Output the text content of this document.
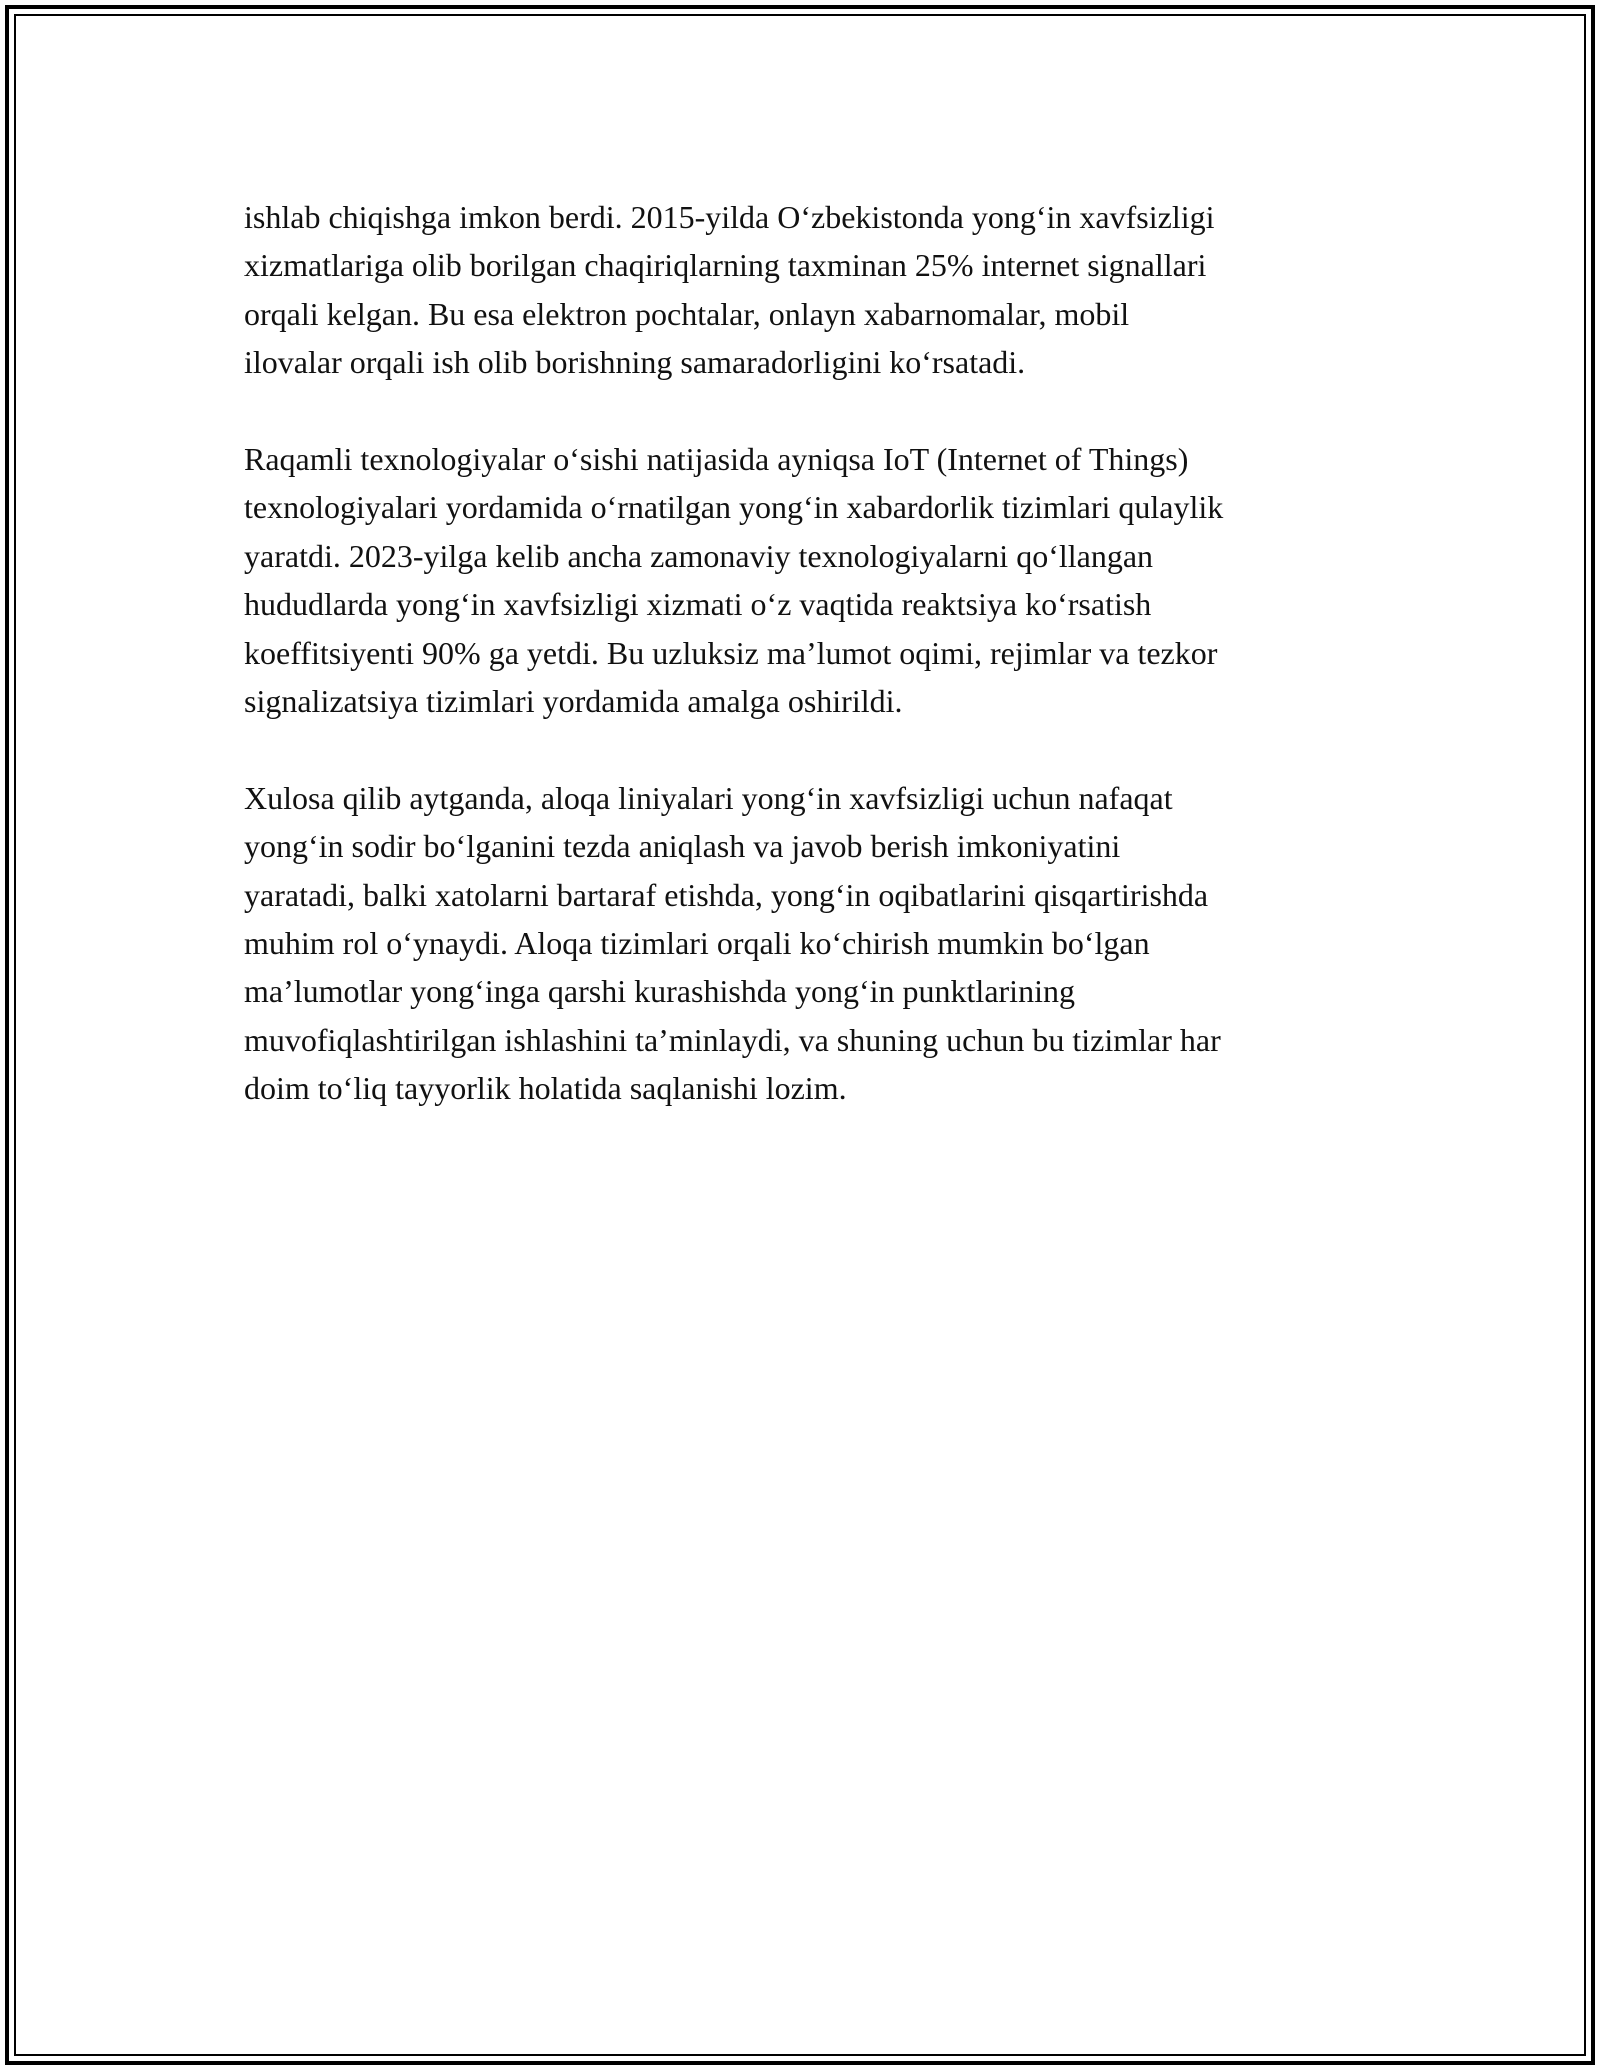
ishlab chiqishga imkon berdi. 2015-yilda O‘zbekistonda yong‘in xavfsizligi
xizmatlariga olib borilgan chaqiriqlarning taxminan 25% internet signallari
orqali kelgan. Bu esa elektron pochtalar, onlayn xabarnomalar, mobil
ilovalar orqali ish olib borishning samaradorligini ko‘rsatadi.

Raqamli texnologiyalar o‘sishi natijasida ayniqsa IoT (Internet of Things)
texnologiyalari yordamida o‘rnatilgan yong‘in xabardorlik tizimlari qulaylik
yaratdi. 2023-yilga kelib ancha zamonaviy texnologiyalarni qo‘llangan
hududlarda yong‘in xavfsizligi xizmati o‘z vaqtida reaktsiya ko‘rsatish
koeffitsiyenti 90% ga yetdi. Bu uzluksiz ma’lumot oqimi, rejimlar va tezkor
signalizatsiya tizimlari yordamida amalga oshirildi.

Xulosa qilib aytganda, aloqa liniyalari yong‘in xavfsizligi uchun nafaqat
yong‘in sodir bo‘lganini tezda aniqlash va javob berish imkoniyatini
yaratadi, balki xatolarni bartaraf etishda, yong‘in oqibatlarini qisqartirishda
muhim rol o‘ynaydi. Aloqa tizimlari orqali ko‘chirish mumkin bo‘lgan
ma’lumotlar yong‘inga qarshi kurashishda yong‘in punktlarining
muvofiqlashtirilgan ishlashini ta’minlaydi, va shuning uchun bu tizimlar har
doim to‘liq tayyorlik holatida saqlanishi lozim.
